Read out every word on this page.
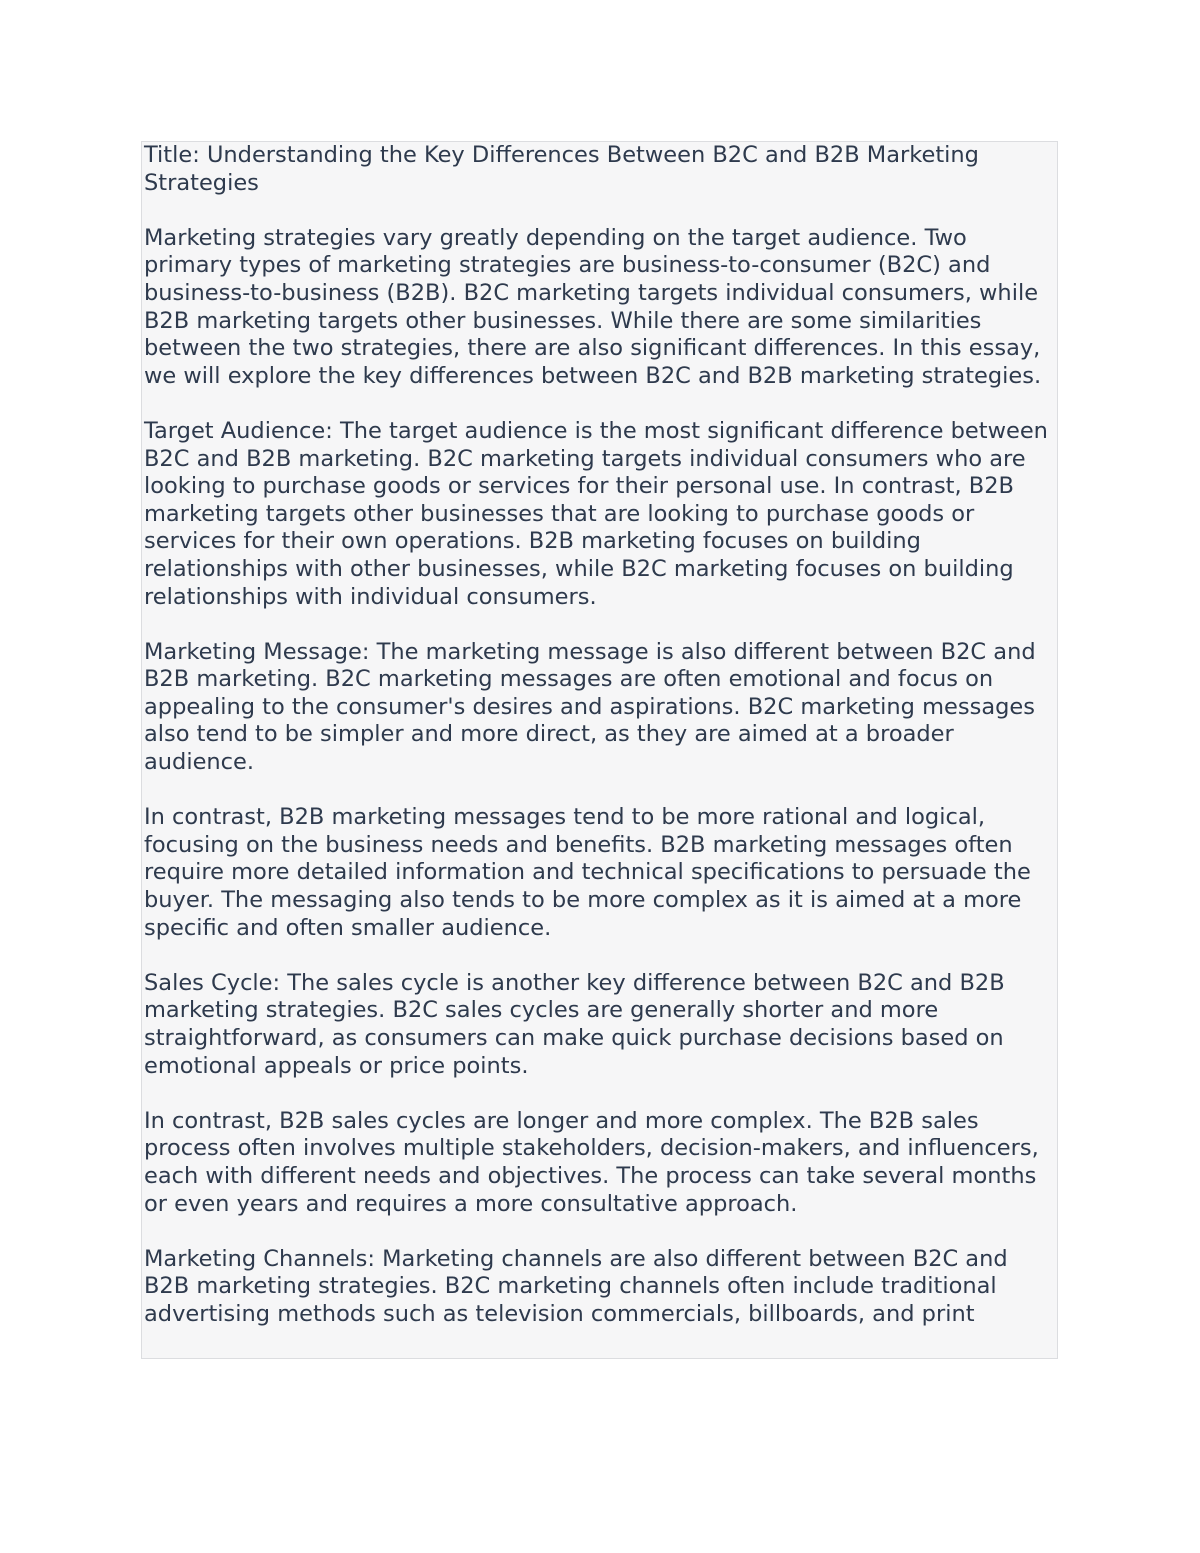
Title: Understanding the Key Differences Between B2C and B2B Marketing Strategies

Marketing strategies vary greatly depending on the target audience. Two primary types of marketing strategies are business-to-consumer (B2C) and business-to-business (B2B). B2C marketing targets individual consumers, while B2B marketing targets other businesses. While there are some similarities between the two strategies, there are also significant differences. In this essay, we will explore the key differences between B2C and B2B marketing strategies.

Target Audience: The target audience is the most significant difference between B2C and B2B marketing. B2C marketing targets individual consumers who are looking to purchase goods or services for their personal use. In contrast, B2B marketing targets other businesses that are looking to purchase goods or services for their own operations. B2B marketing focuses on building relationships with other businesses, while B2C marketing focuses on building relationships with individual consumers.

Marketing Message: The marketing message is also different between B2C and B2B marketing. B2C marketing messages are often emotional and focus on appealing to the consumer's desires and aspirations. B2C marketing messages also tend to be simpler and more direct, as they are aimed at a broader audience.

In contrast, B2B marketing messages tend to be more rational and logical, focusing on the business needs and benefits. B2B marketing messages often require more detailed information and technical specifications to persuade the buyer. The messaging also tends to be more complex as it is aimed at a more specific and often smaller audience.

Sales Cycle: The sales cycle is another key difference between B2C and B2B marketing strategies. B2C sales cycles are generally shorter and more straightforward, as consumers can make quick purchase decisions based on emotional appeals or price points.

In contrast, B2B sales cycles are longer and more complex. The B2B sales process often involves multiple stakeholders, decision-makers, and influencers, each with different needs and objectives. The process can take several months or even years and requires a more consultative approach.

Marketing Channels: Marketing channels are also different between B2C and B2B marketing strategies. B2C marketing channels often include traditional advertising methods such as television commercials, billboards, and print
